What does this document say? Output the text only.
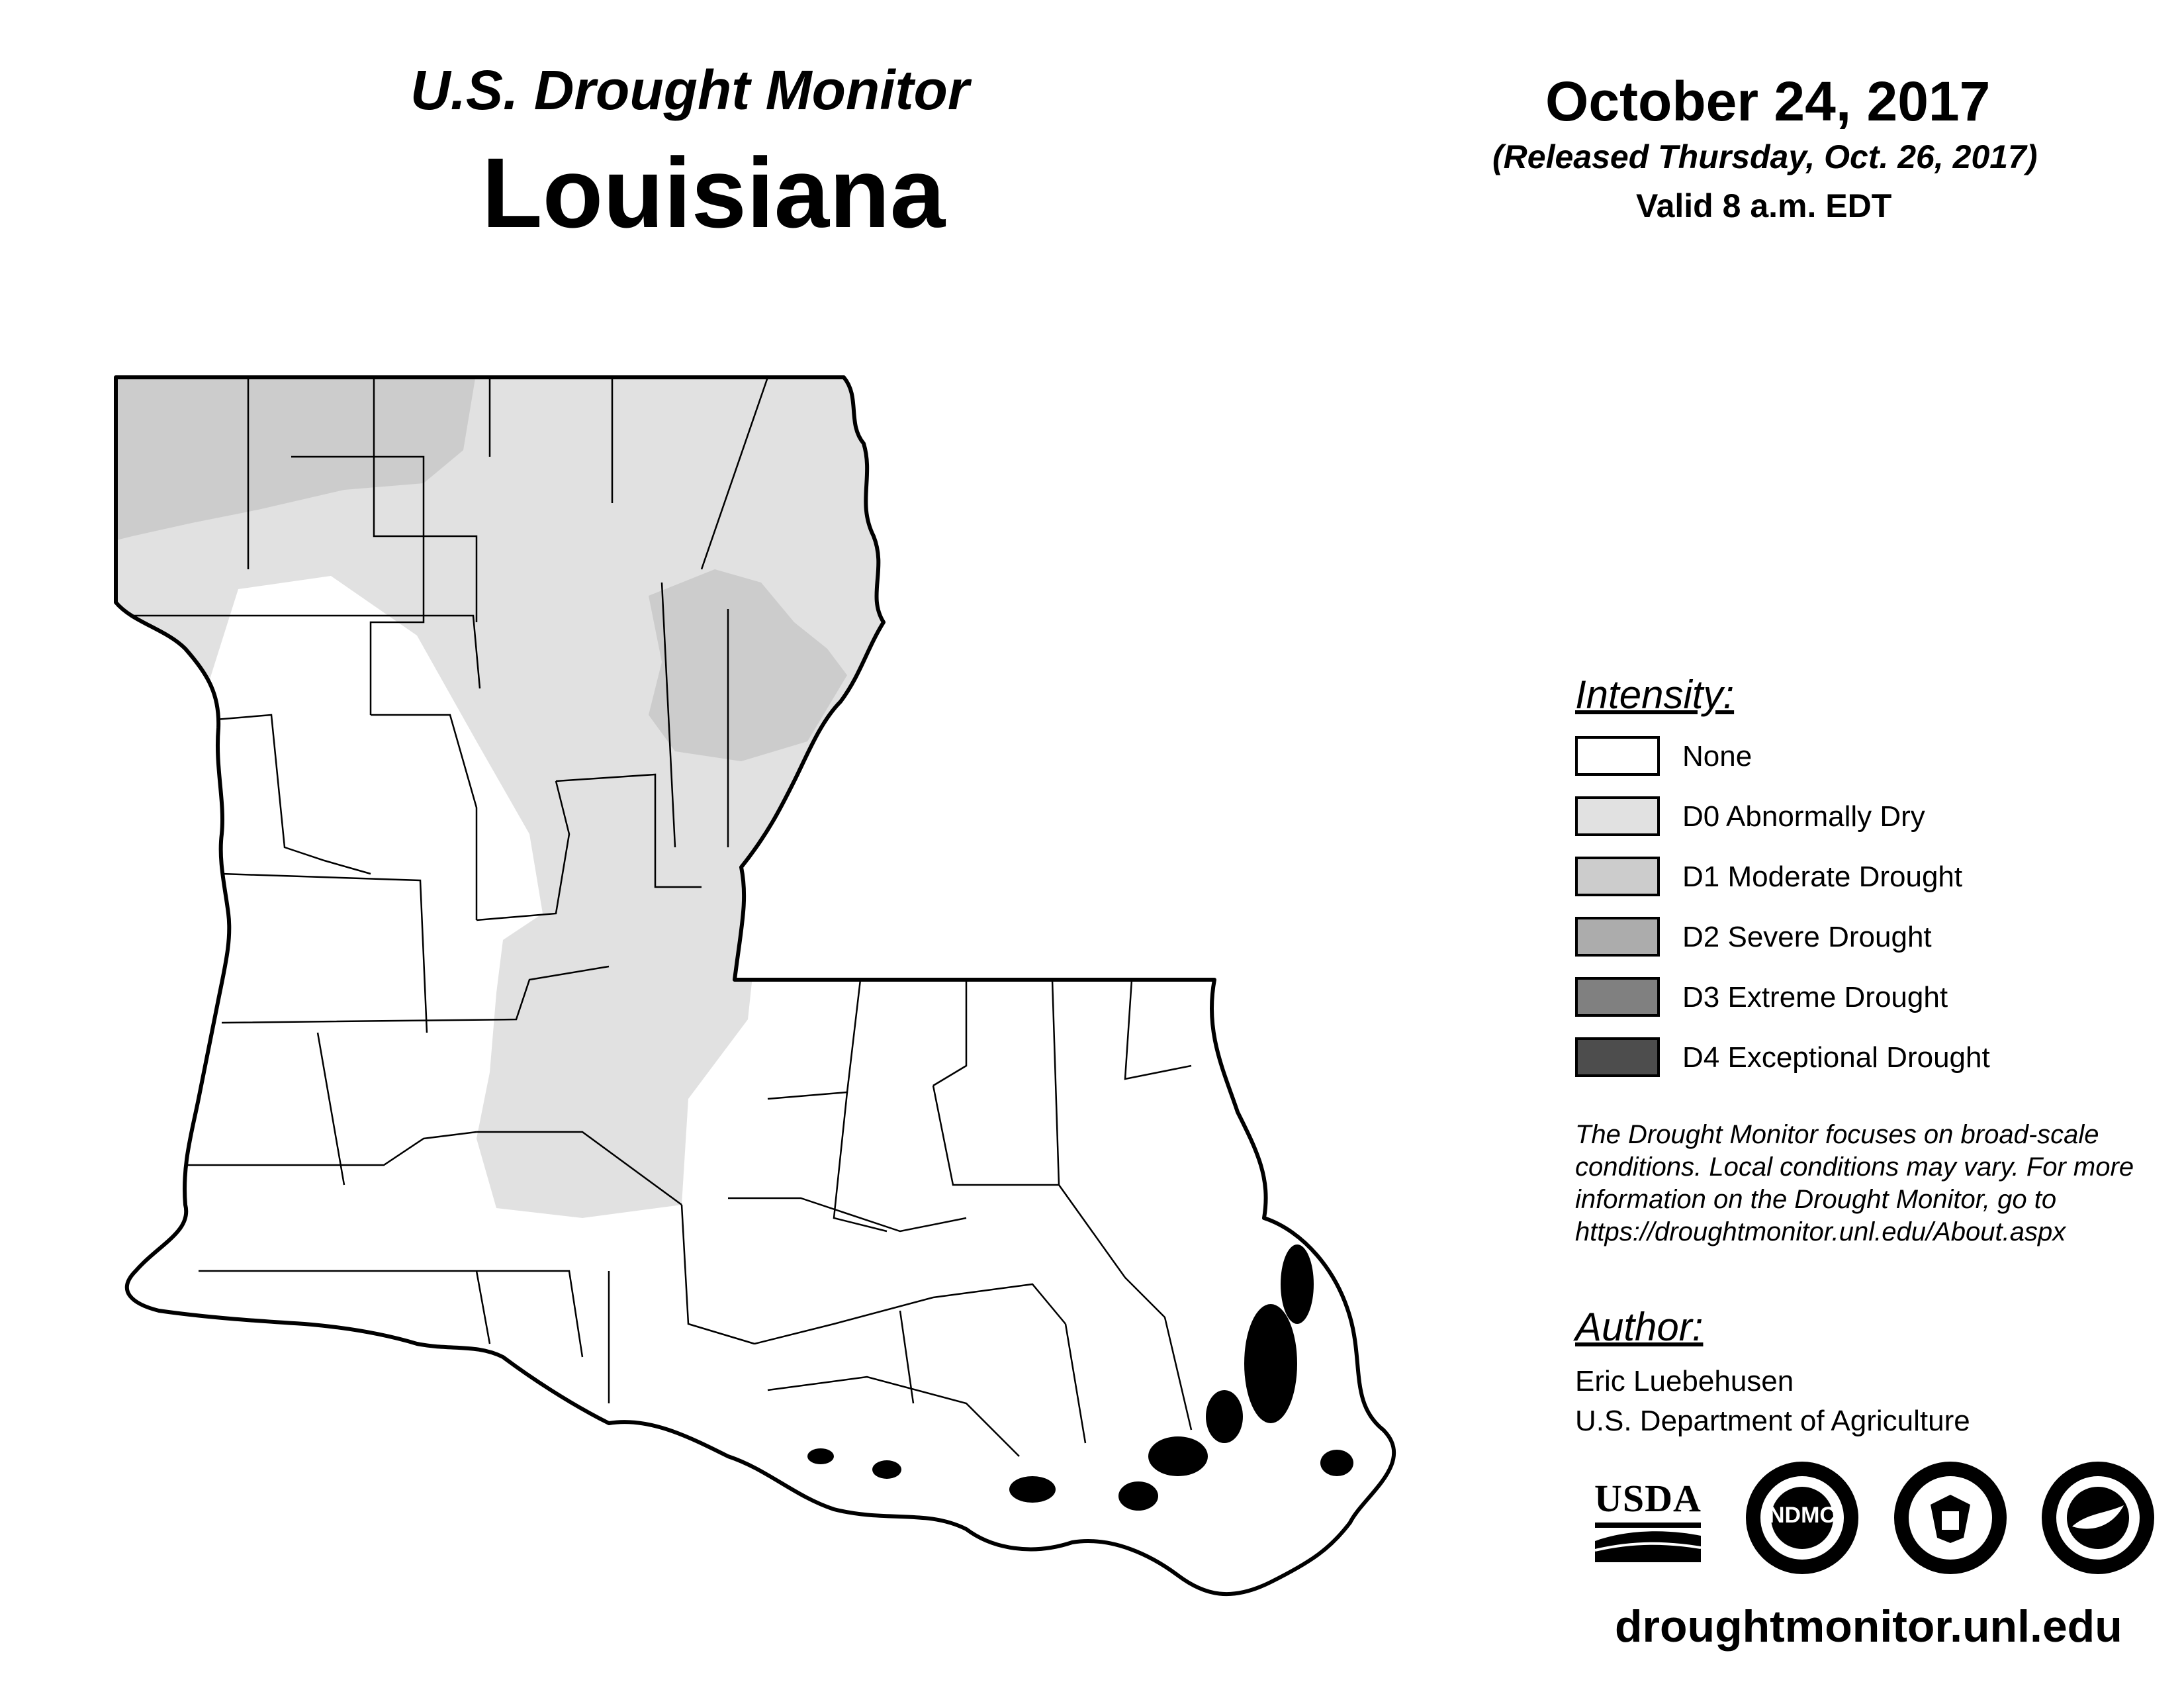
U.S. Drought Monitor
Louisiana
October 24, 2017
(Released Thursday, Oct. 26, 2017)
Valid 8 a.m. EDT
Intensity:
None
D0 Abnormally Dry
D1 Moderate Drought
D2 Severe Drought
D3 Extreme Drought
D4 Exceptional Drought
The Drought Monitor focuses on broad-scale conditions. Local conditions may vary. For more information on the Drought Monitor, go to https://droughtmonitor.unl.edu/About.aspx
Author:
Eric Luebehusen
U.S. Department of Agriculture
USDA	NDMC
droughtmonitor.unl.edu
